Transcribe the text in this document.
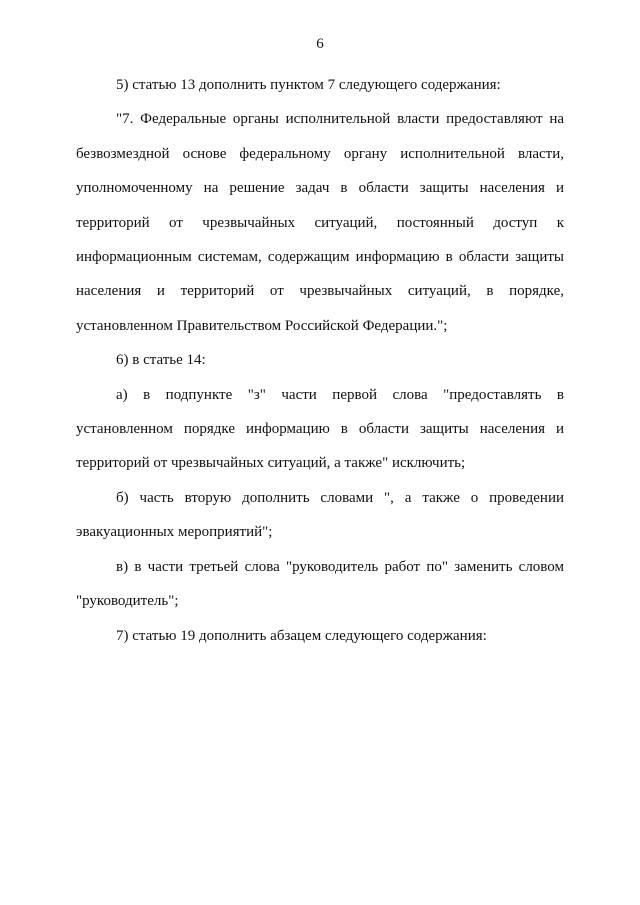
6

5) статью 13 дополнить пунктом 7 следующего содержания:

"7. Федеральные органы исполнительной власти предоставляют на безвозмездной основе федеральному органу исполнительной власти, уполномоченному на решение задач в области защиты населения и территорий от чрезвычайных ситуаций, постоянный доступ к информационным системам, содержащим информацию в области защиты населения и территорий от чрезвычайных ситуаций, в порядке, установленном Правительством Российской Федерации.";

6) в статье 14:

а) в подпункте "з" части первой слова "предоставлять в установленном порядке информацию в области защиты населения и территорий от чрезвычайных ситуаций, а также" исключить;

б) часть вторую дополнить словами ", а также о проведении эвакуационных мероприятий";

в) в части третьей слова "руководитель работ по" заменить словом "руководитель";

7) статью 19 дополнить абзацем следующего содержания:
